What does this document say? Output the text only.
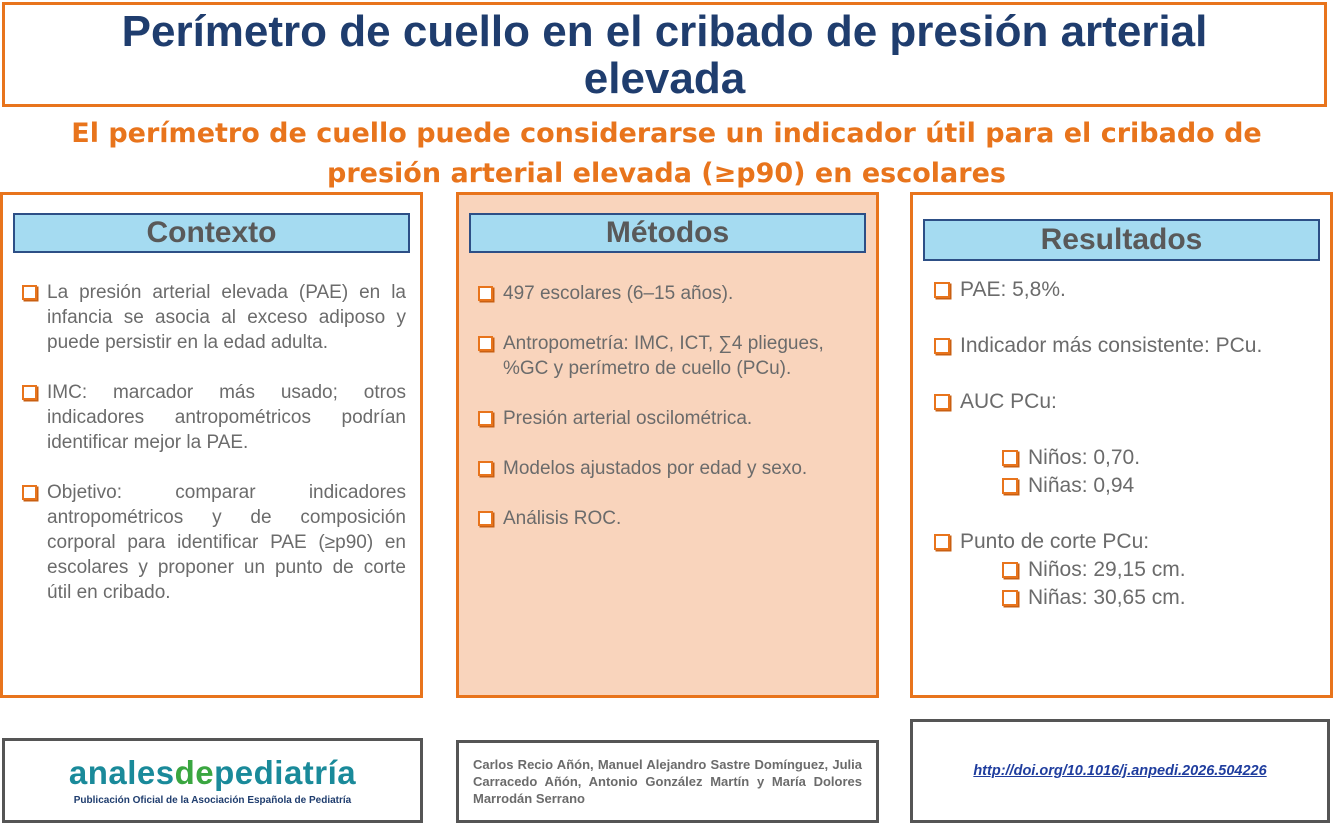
Perímetro de cuello en el cribado de presión arterial elevada
El perímetro de cuello puede considerarse un indicador útil para el cribado de presión arterial elevada (≥p90) en escolares
Contexto
La presión arterial elevada (PAE) en la infancia se asocia al exceso adiposo y puede persistir en la edad adulta.
IMC: marcador más usado; otros indicadores antropométricos podrían identificar mejor la PAE.
Objetivo: comparar indicadores antropométricos y de composición corporal para identificar PAE (≥p90) en escolares y proponer un punto de corte útil en cribado.
Métodos
497 escolares (6–15 años).
Antropometría: IMC, ICT, ∑4 pliegues, %GC y perímetro de cuello (PCu).
Presión arterial oscilométrica.
Modelos ajustados por edad y sexo.
Análisis ROC.
Resultados
PAE: 5,8%.
Indicador más consistente: PCu.
AUC PCu:
Niños: 0,70.
Niñas: 0,94
Punto de corte PCu:
Niños: 29,15 cm.
Niñas: 30,65 cm.
analesdepediatría
Publicación Oficial de la Asociación Española de Pediatría
Carlos Recio Añón, Manuel Alejandro Sastre Domínguez, Julia Carracedo Añón, Antonio González Martín y María Dolores Marrodán Serrano
http://doi.org/10.1016/j.anpedi.2026.504226
